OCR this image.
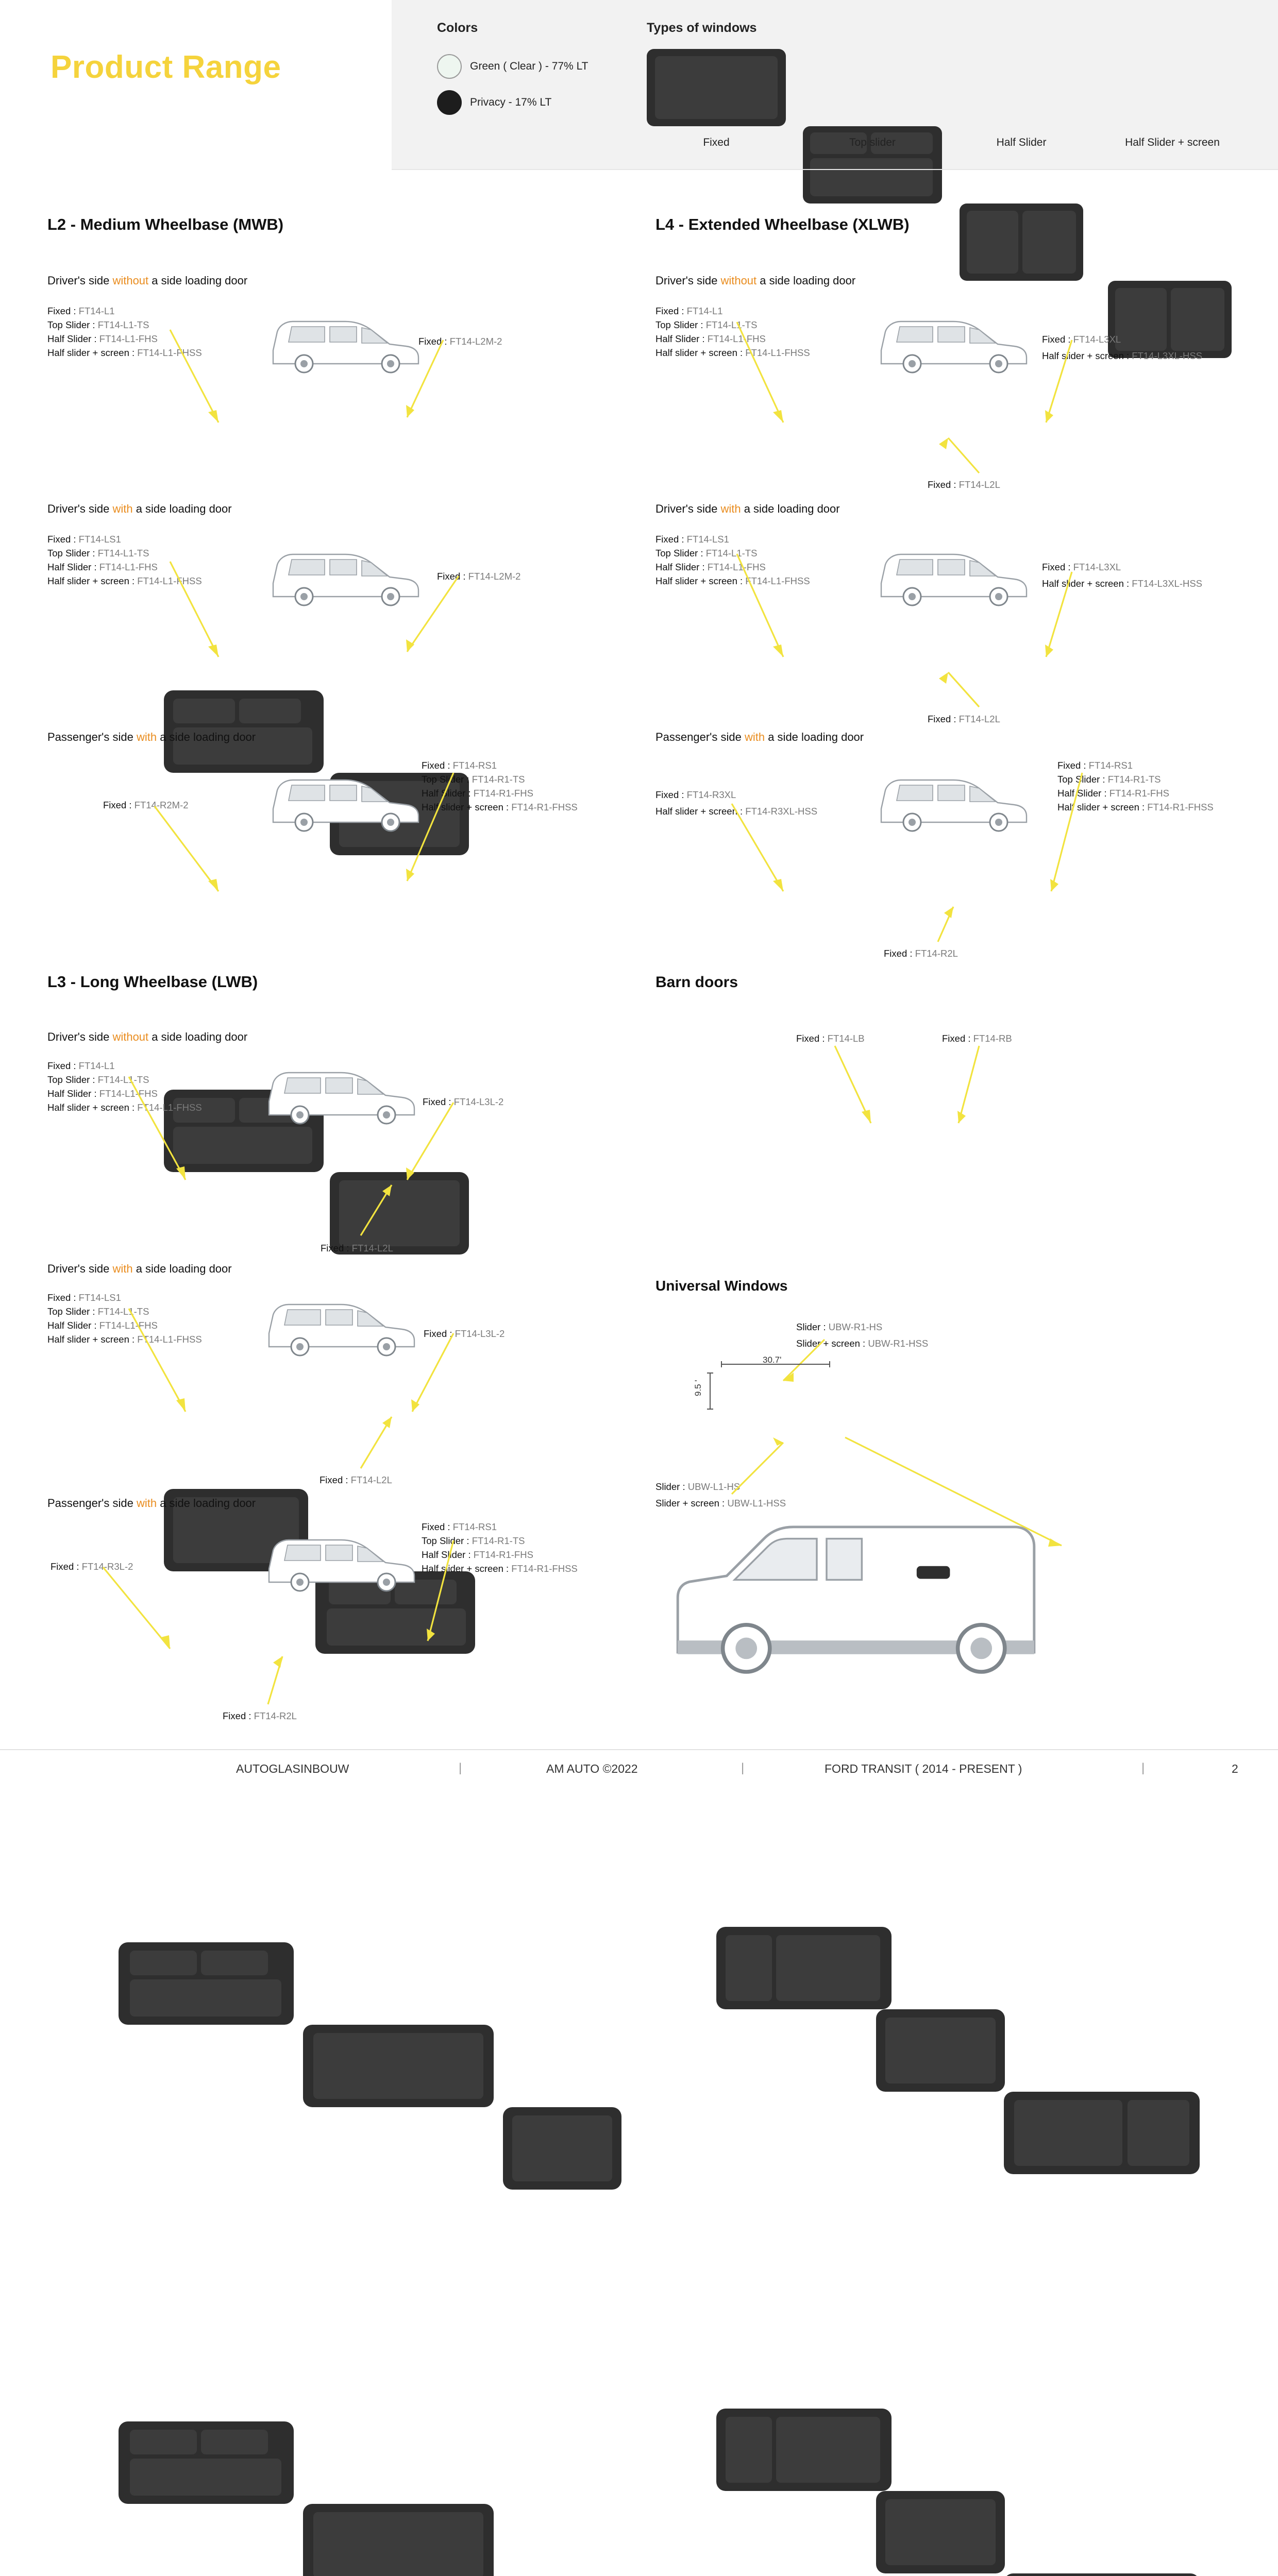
Product Range
Colors
Green ( Clear ) - 77% LT
Privacy - 17% LT
Types of windows
Fixed	Top slider	Half Slider	Half Slider + screen
L2 - Medium Wheelbase (MWB)
Driver's side without a side loading door
Fixed : FT14-L1
Top Slider : FT14-L1-TS
Half Slider : FT14-L1-FHS
Half slider + screen : FT14-L1-FHSS
Fixed : FT14-L2M-2
Driver's side with a side loading door
Fixed : FT14-LS1
Top Slider : FT14-L1-TS
Half Slider : FT14-L1-FHS
Half slider + screen : FT14-L1-FHSS	Fixed : FT14-L2M-2
Passenger's side with a side loading door
Fixed : FT14-R2M-2
Fixed : FT14-RS1
Top Slider : FT14-R1-TS
Half Slider : FT14-R1-FHS
Half slider + screen : FT14-R1-FHSS
L3 - Long Wheelbase (LWB)
Driver's side without a side loading door
Fixed : FT14-L1
Top Slider : FT14-L1-TS
Half Slider : FT14-L1-FHS
Half slider + screen : FT14-L1-FHSS
Fixed : FT14-L3L-2
Fixed : FT14-L2L
Driver's side with a side loading door
Fixed : FT14-LS1
Top Slider : FT14-L1-TS
Half Slider : FT14-L1-FHS
Half slider + screen : FT14-L1-FHSS
Fixed : FT14-L3L-2
Fixed : FT14-L2L
Passenger's side with a side loading door
Fixed : FT14-R3L-2
Fixed : FT14-RS1
Top Slider : FT14-R1-TS
Half Slider : FT14-R1-FHS
Half slider + screen : FT14-R1-FHSS
Fixed : FT14-R2L
L4 - Extended Wheelbase (XLWB)
Driver's side without a side loading door
Fixed : FT14-L1
Top Slider : FT14-L1-TS
Half Slider : FT14-L1-FHS
Half slider + screen : FT14-L1-FHSS
Fixed : FT14-L3XL
Half slider + screen : FT14-L3XL-HSS
Fixed : FT14-L2L
Driver's side with a side loading door
Fixed : FT14-LS1
Top Slider : FT14-L1-TS
Half Slider : FT14-L1-FHS
Half slider + screen : FT14-L1-FHSS
Fixed : FT14-L3XL
Half slider + screen : FT14-L3XL-HSS
Fixed : FT14-L2L
Passenger's side with a side loading door
Fixed : FT14-R3XL
Half slider + screen : FT14-R3XL-HSS
Fixed : FT14-RS1
Top Slider : FT14-R1-TS
Half Slider : FT14-R1-FHS
Half slider + screen : FT14-R1-FHSS
Fixed : FT14-R2L
Barn doors
Fixed : FT14-LB	Fixed : FT14-RB
Universal Windows
Slider : UBW-R1-HS
Slider + screen : UBW-R1-HSS
30.7'
9.5 '
Slider : UBW-L1-HS
Slider + screen : UBW-L1-HSS
AUTOGLASINBOUW	|	AM AUTO ©2022	|	FORD TRANSIT ( 2014 - PRESENT )	|	2
